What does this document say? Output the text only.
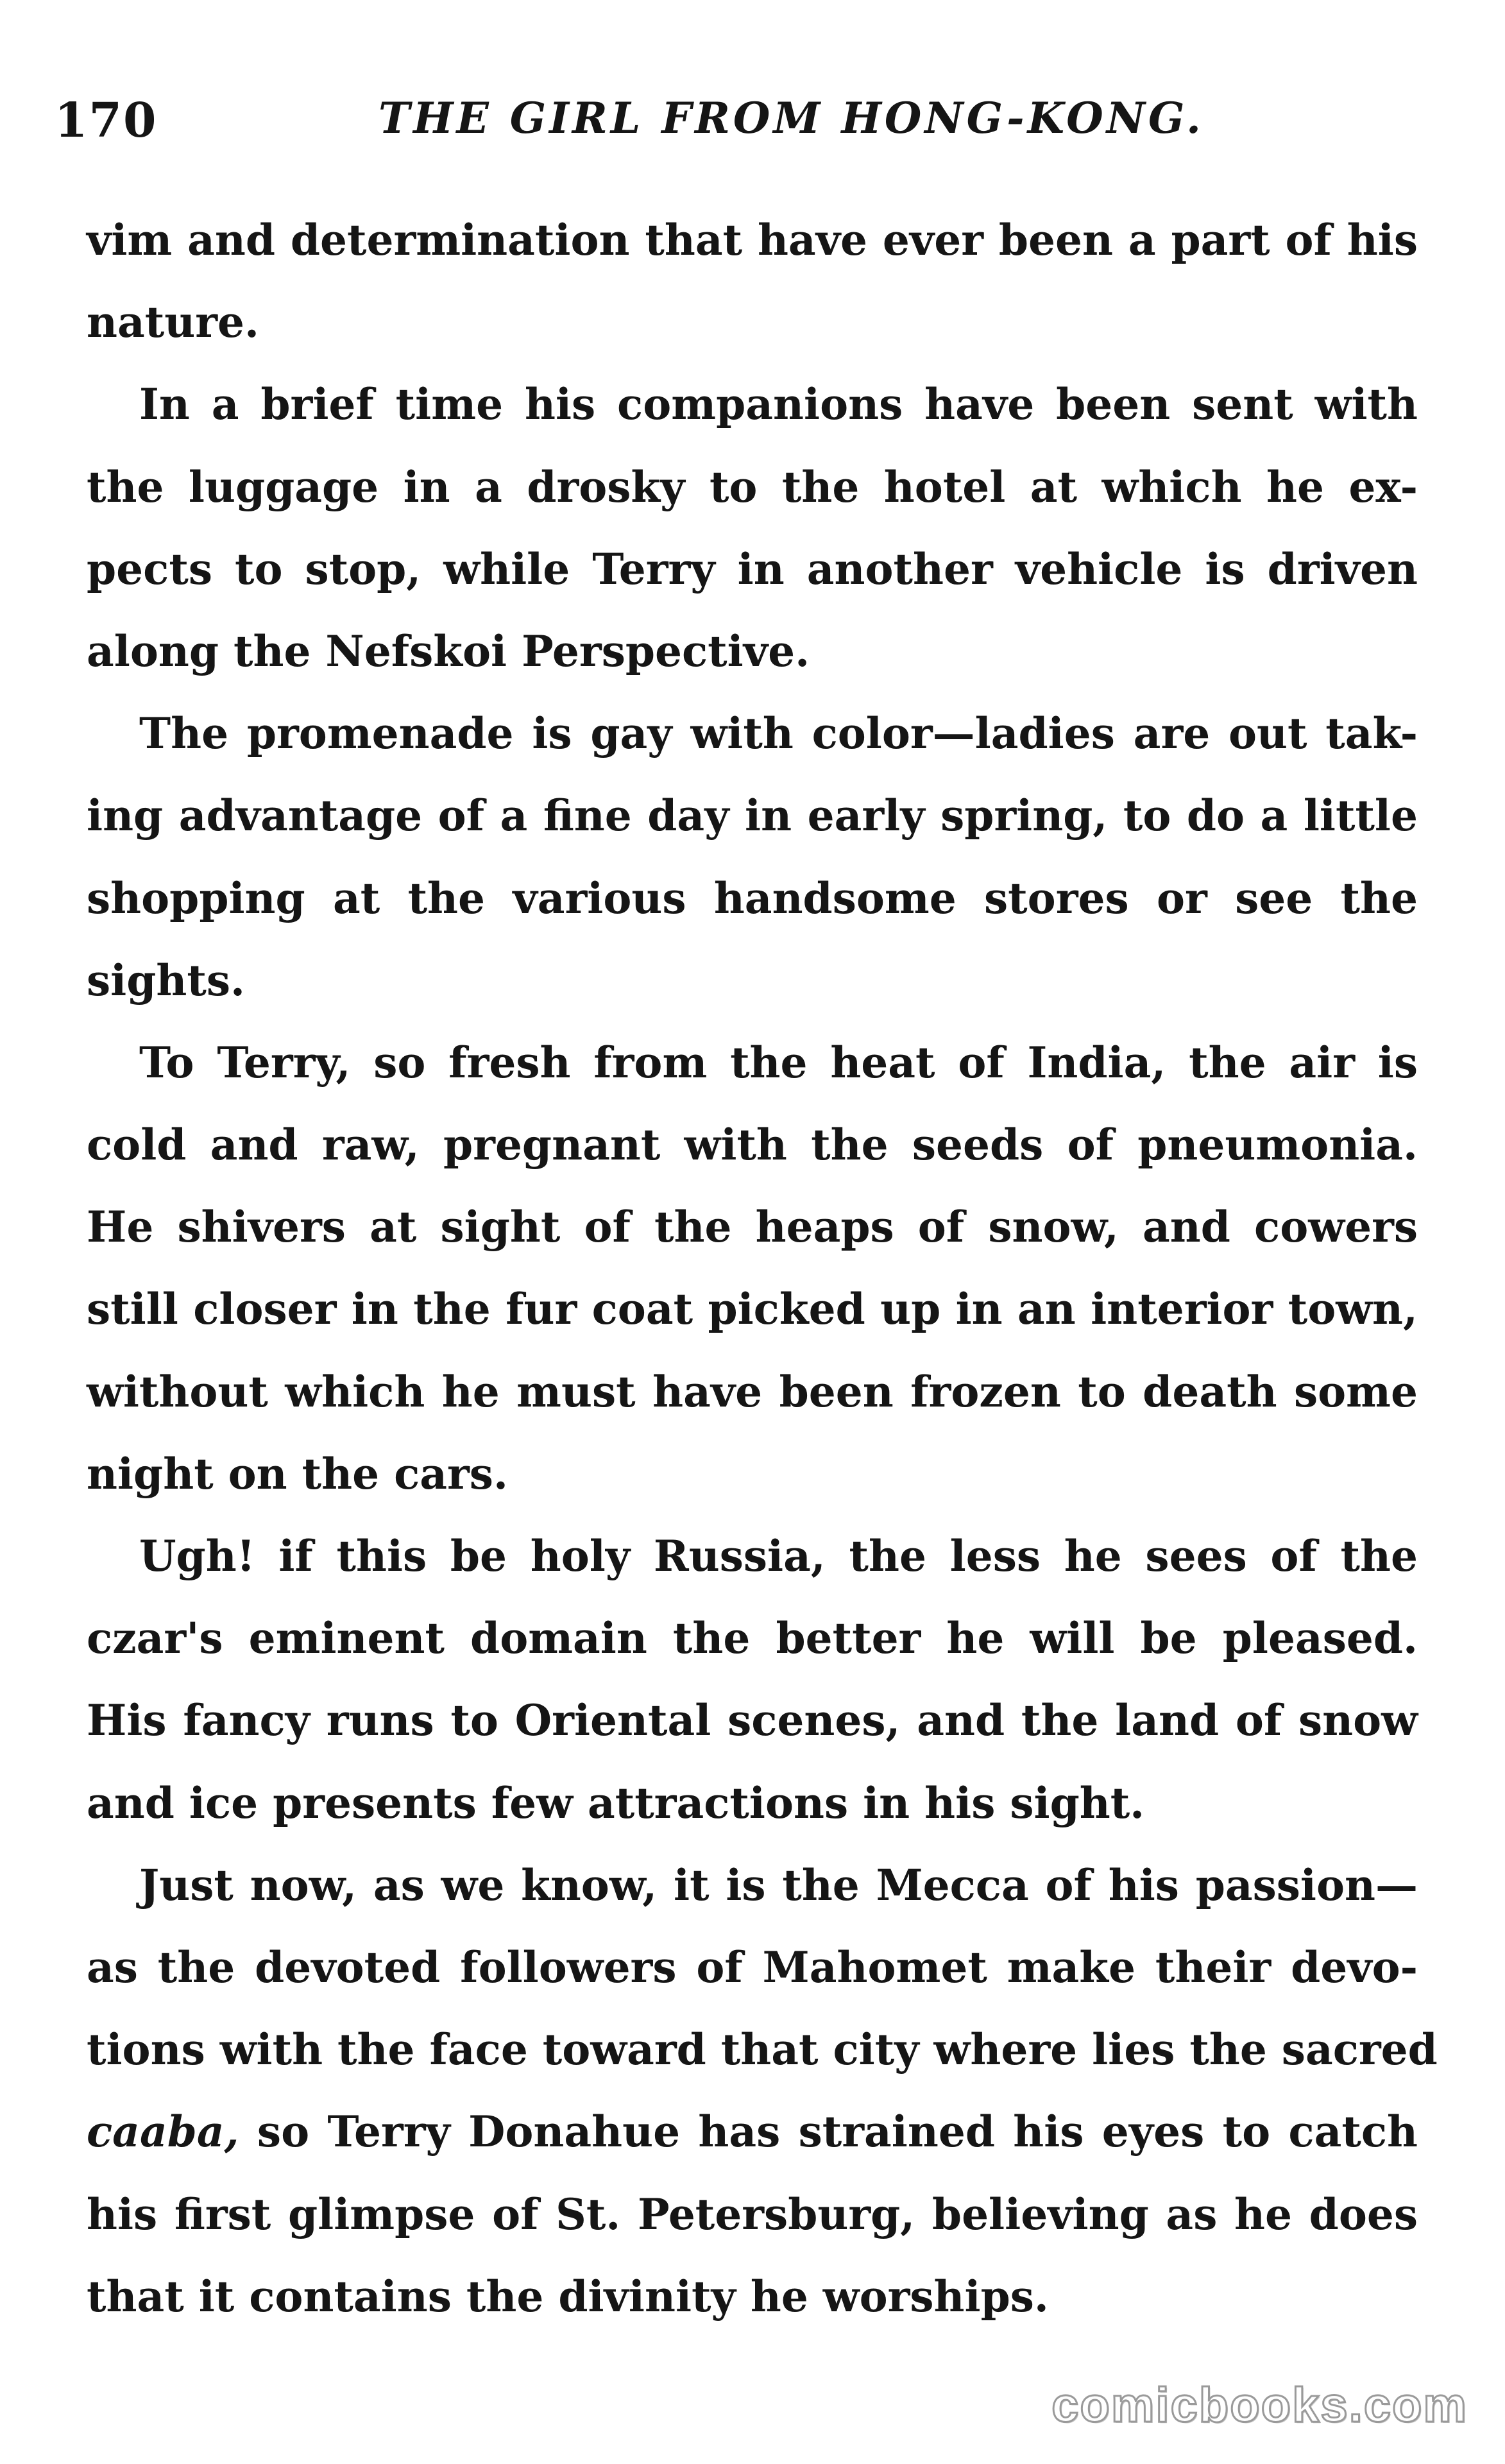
170	THE GIRL FROM HONG-KONG.
vim and determination that have ever been a part of his
nature.
In a brief time his companions have been sent with
the luggage in a drosky to the hotel at which he ex-
pects to stop, while Terry in another vehicle is driven
along the Nefskoi Perspective.
The promenade is gay with color—ladies are out tak-
ing advantage of a fine day in early spring, to do a little
shopping at the various handsome stores or see the
sights.
To Terry, so fresh from the heat of India, the air is
cold and raw, pregnant with the seeds of pneumonia.
He shivers at sight of the heaps of snow, and cowers
still closer in the fur coat picked up in an interior town,
without which he must have been frozen to death some
night on the cars.
Ugh! if this be holy Russia, the less he sees of the
czar's eminent domain the better he will be pleased.
His fancy runs to Oriental scenes, and the land of snow
and ice presents few attractions in his sight.
Just now, as we know, it is the Mecca of his passion—
as the devoted followers of Mahomet make their devo-
tions with the face toward that city where lies the sacred
caaba, so Terry Donahue has strained his eyes to catch
his first glimpse of St. Petersburg, believing as he does
that it contains the divinity he worships.
comicbooks.com
